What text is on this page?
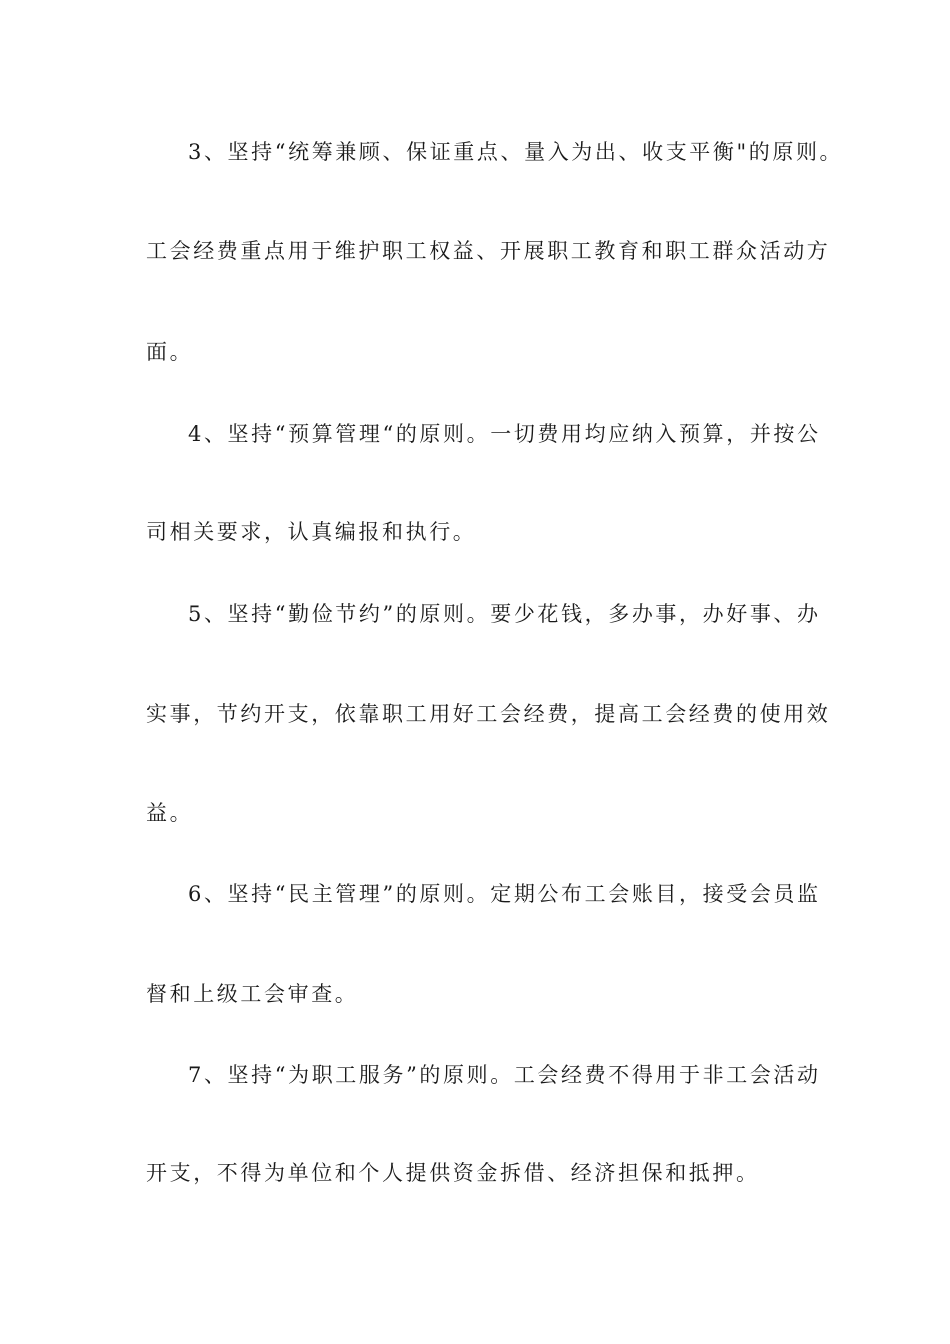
3、坚持“统筹兼顾、保证重点、量入为出、收支平衡"的原则。
工会经费重点用于维护职工权益、开展职工教育和职工群众活动方
面。
4、坚持“预算管理“的原则。一切费用均应纳入预算，并按公
司相关要求，认真编报和执行。
5、坚持“勤俭节约”的原则。要少花钱，多办事，办好事、办
实事，节约开支，依靠职工用好工会经费，提高工会经费的使用效
益。
6、坚持“民主管理”的原则。定期公布工会账目，接受会员监
督和上级工会审查。
7、坚持“为职工服务”的原则。工会经费不得用于非工会活动
开支，不得为单位和个人提供资金拆借、经济担保和抵押。
